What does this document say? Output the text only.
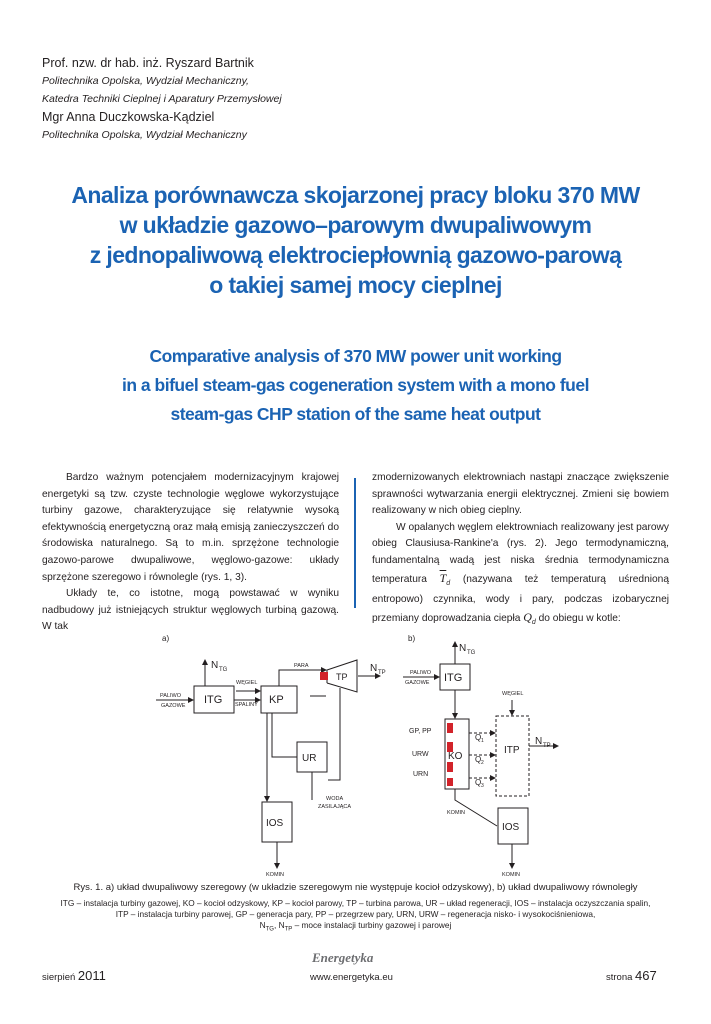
Prof. nzw. dr hab. inż. Ryszard Bartnik
Politechnika Opolska, Wydział Mechaniczny,
Katedra Techniki Cieplnej i Aparatury Przemysłowej
Mgr Anna Duczkowska-Kądziel
Politechnika Opolska, Wydział Mechaniczny
Analiza porównawcza skojarzonej pracy bloku 370 MW
w układzie gazowo–parowym dwupaliwowym
z jednopaliwową elektrociepłownią gazowo-parową
o takiej samej mocy cieplnej
Comparative analysis of 370 MW power unit working
in a bifuel steam-gas cogeneration system with a mono fuel
steam-gas CHP station of the same heat output

Bardzo ważnym potencjałem modernizacyjnym krajowej energetyki są tzw. czyste technologie węglowe wykorzystujące turbiny gazowe, charakteryzujące się relatywnie wysoką efektywnością energetyczną oraz małą emisją zanieczyszczeń do środowiska naturalnego. Są to m.in. sprzężone technologie gazowo-parowe dwupaliwowe, węglowo-gazowe: układy sprzężone szeregowo i równolegle (rys. 1, 3).

Układy te, co istotne, mogą powstawać w wyniku nadbudowy już istniejących struktur węglowych turbiną gazową. W tak

zmodernizowanych elektrowniach nastąpi znaczące zwiększenie sprawności wytwarzania energii elektrycznej. Zmieni się bowiem realizowany w nich obieg cieplny.

W opalanych węglem elektrowniach realizowany jest parowy obieg Clausiusa-Rankine'a (rys. 2). Jego termodynamiczną, fundamentalną wadą jest niska średnia termodynamiczna temperatura $\overline{T}_d$ (nazywana też temperaturą uśrednioną entropowo) czynnika, wody i pary, podczas izobarycznej przemiany doprowadzania ciepła $Q_d$ do obiegu w kotle:

a)
ITG	KP
TP
UR
IOS
N TG	N TP
PALIWO
GAZOWE
PARA
WĘGIEL
SPALINY
WODA
ZASILAJĄCA
KOMIN
b)
ITG
KO
ITP
IOS
N TG
N TP
PALIWO
GAZOWE
WĘGIEL
GP, PP
URW
URN
Q 1
Q 2
Q 3
KOMIN
KOMIN
Rys. 1. a) układ dwupaliwowy szeregowy (w układzie szeregowym nie występuje kocioł odzyskowy), b) układ dwupaliwowy równoległy
ITG – instalacja turbiny gazowej, KO – kocioł odzyskowy, KP – kocioł parowy, TP – turbina parowa, UR – układ regeneracji, IOS – instalacja oczyszczania spalin,
ITP – instalacja turbiny parowej, GP – generacja pary, PP – przegrzew pary, URN, URW – regeneracja nisko- i wysokociśnieniowa,
$N_{TG}$, $N_{TP}$ – moce instalacji turbiny gazowej i parowej
Energetyka
sierpień 2011	www.energetyka.eu	strona 467
